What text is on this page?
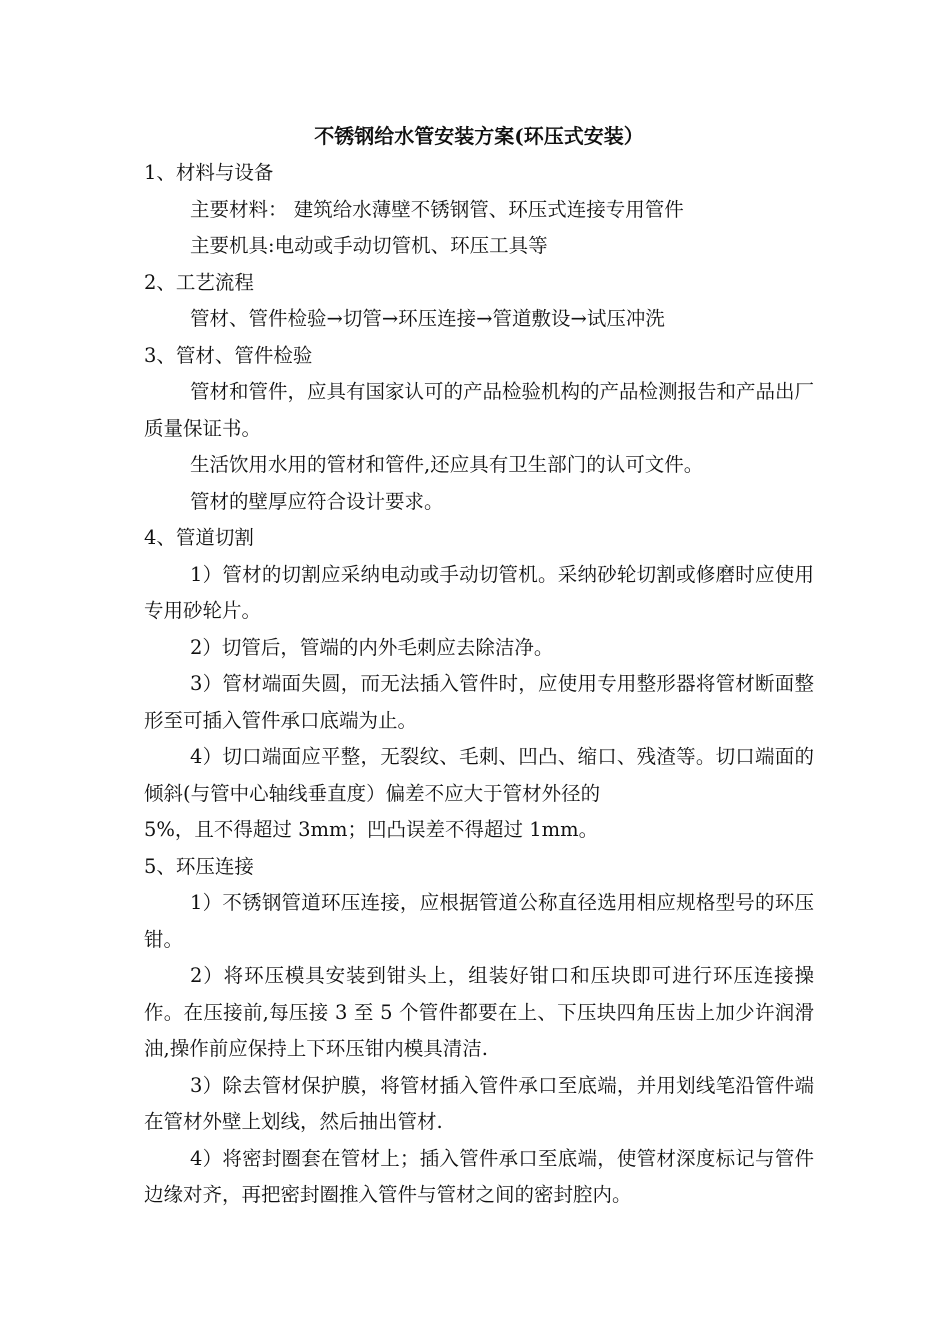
不锈钢给水管安装方案(环压式安装）

1、材料与设备

主要材料： 建筑给水薄壁不锈钢管、环压式连接专用管件

主要机具:电动或手动切管机、环压工具等

2、工艺流程

管材、管件检验→切管→环压连接→管道敷设→试压冲洗

3、管材、管件检验

管材和管件，应具有国家认可的产品检验机构的产品检测报告和产品出厂质量保证书。

生活饮用水用的管材和管件,还应具有卫生部门的认可文件。

管材的壁厚应符合设计要求。

4、管道切割

1）管材的切割应采纳电动或手动切管机。采纳砂轮切割或修磨时应使用专用砂轮片。

2）切管后，管端的内外毛刺应去除洁净。

3）管材端面失圆，而无法插入管件时，应使用专用整形器将管材断面整形至可插入管件承口底端为止。

4）切口端面应平整，无裂纹、毛刺、凹凸、缩口、残渣等。切口端面的倾斜(与管中心轴线垂直度）偏差不应大于管材外径的

5%，且不得超过 3mm；凹凸误差不得超过 1mm。

5、环压连接

1）不锈钢管道环压连接，应根据管道公称直径选用相应规格型号的环压钳。

2）将环压模具安装到钳头上，组装好钳口和压块即可进行环压连接操作。在压接前,每压接 3 至 5 个管件都要在上、下压块四角压齿上加少许润滑油,操作前应保持上下环压钳内模具清洁.

3）除去管材保护膜，将管材插入管件承口至底端，并用划线笔沿管件端在管材外壁上划线，然后抽出管材.

4）将密封圈套在管材上；插入管件承口至底端，使管材深度标记与管件边缘对齐，再把密封圈推入管件与管材之间的密封腔内。
